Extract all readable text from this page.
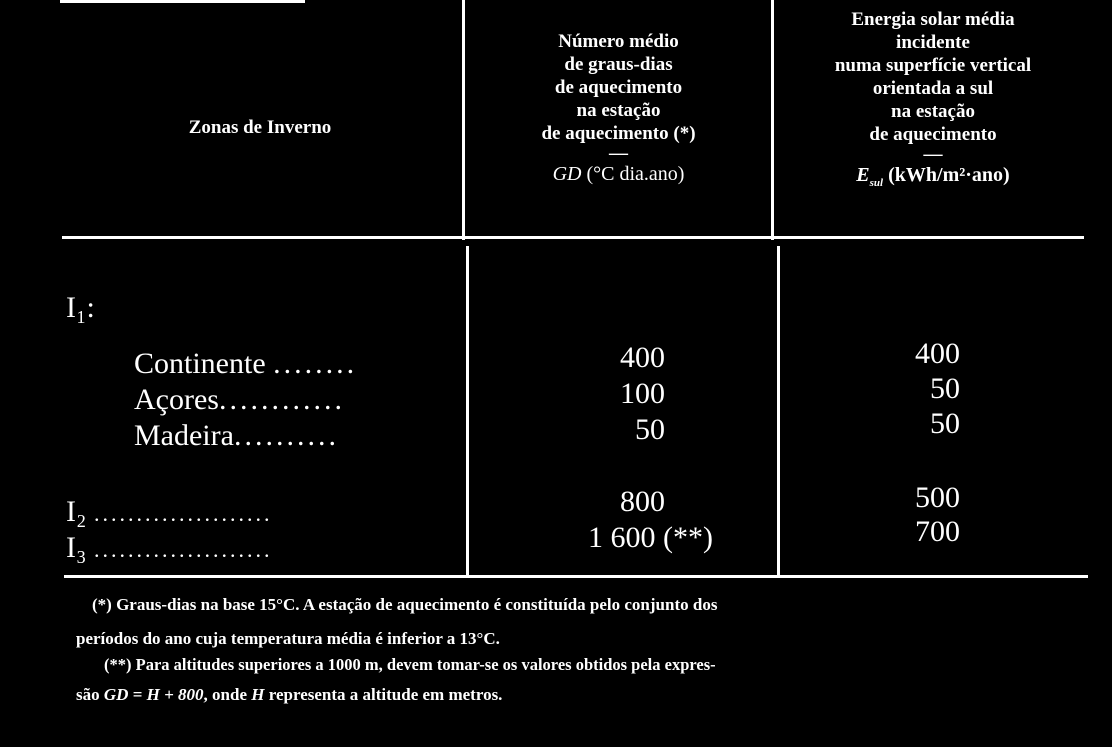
Zonas de Inverno
Número médio
de graus-dias
de aquecimento
na estação
de aquecimento (*)
—
GD (°C dia.ano)
Energia solar média
incidente
numa superfície vertical
orientada a sul
na estação
de aquecimento
—
$E_{sul}$ (kWh/m²·ano)
I₁:
Continente ........
Açores............
Madeira..........
I₂ .....................
I₃ .....................
400
100
50
800
1 600 (**)
400
50
50
500
700
(*) Graus-dias na base 15°C. A estação de aquecimento é constituída pelo conjunto dos
períodos do ano cuja temperatura média é inferior a 13°C.
(**) Para altitudes superiores a 1000 m, devem tomar-se os valores obtidos pela expres-
são GD = H + 800, onde H representa a altitude em metros.
